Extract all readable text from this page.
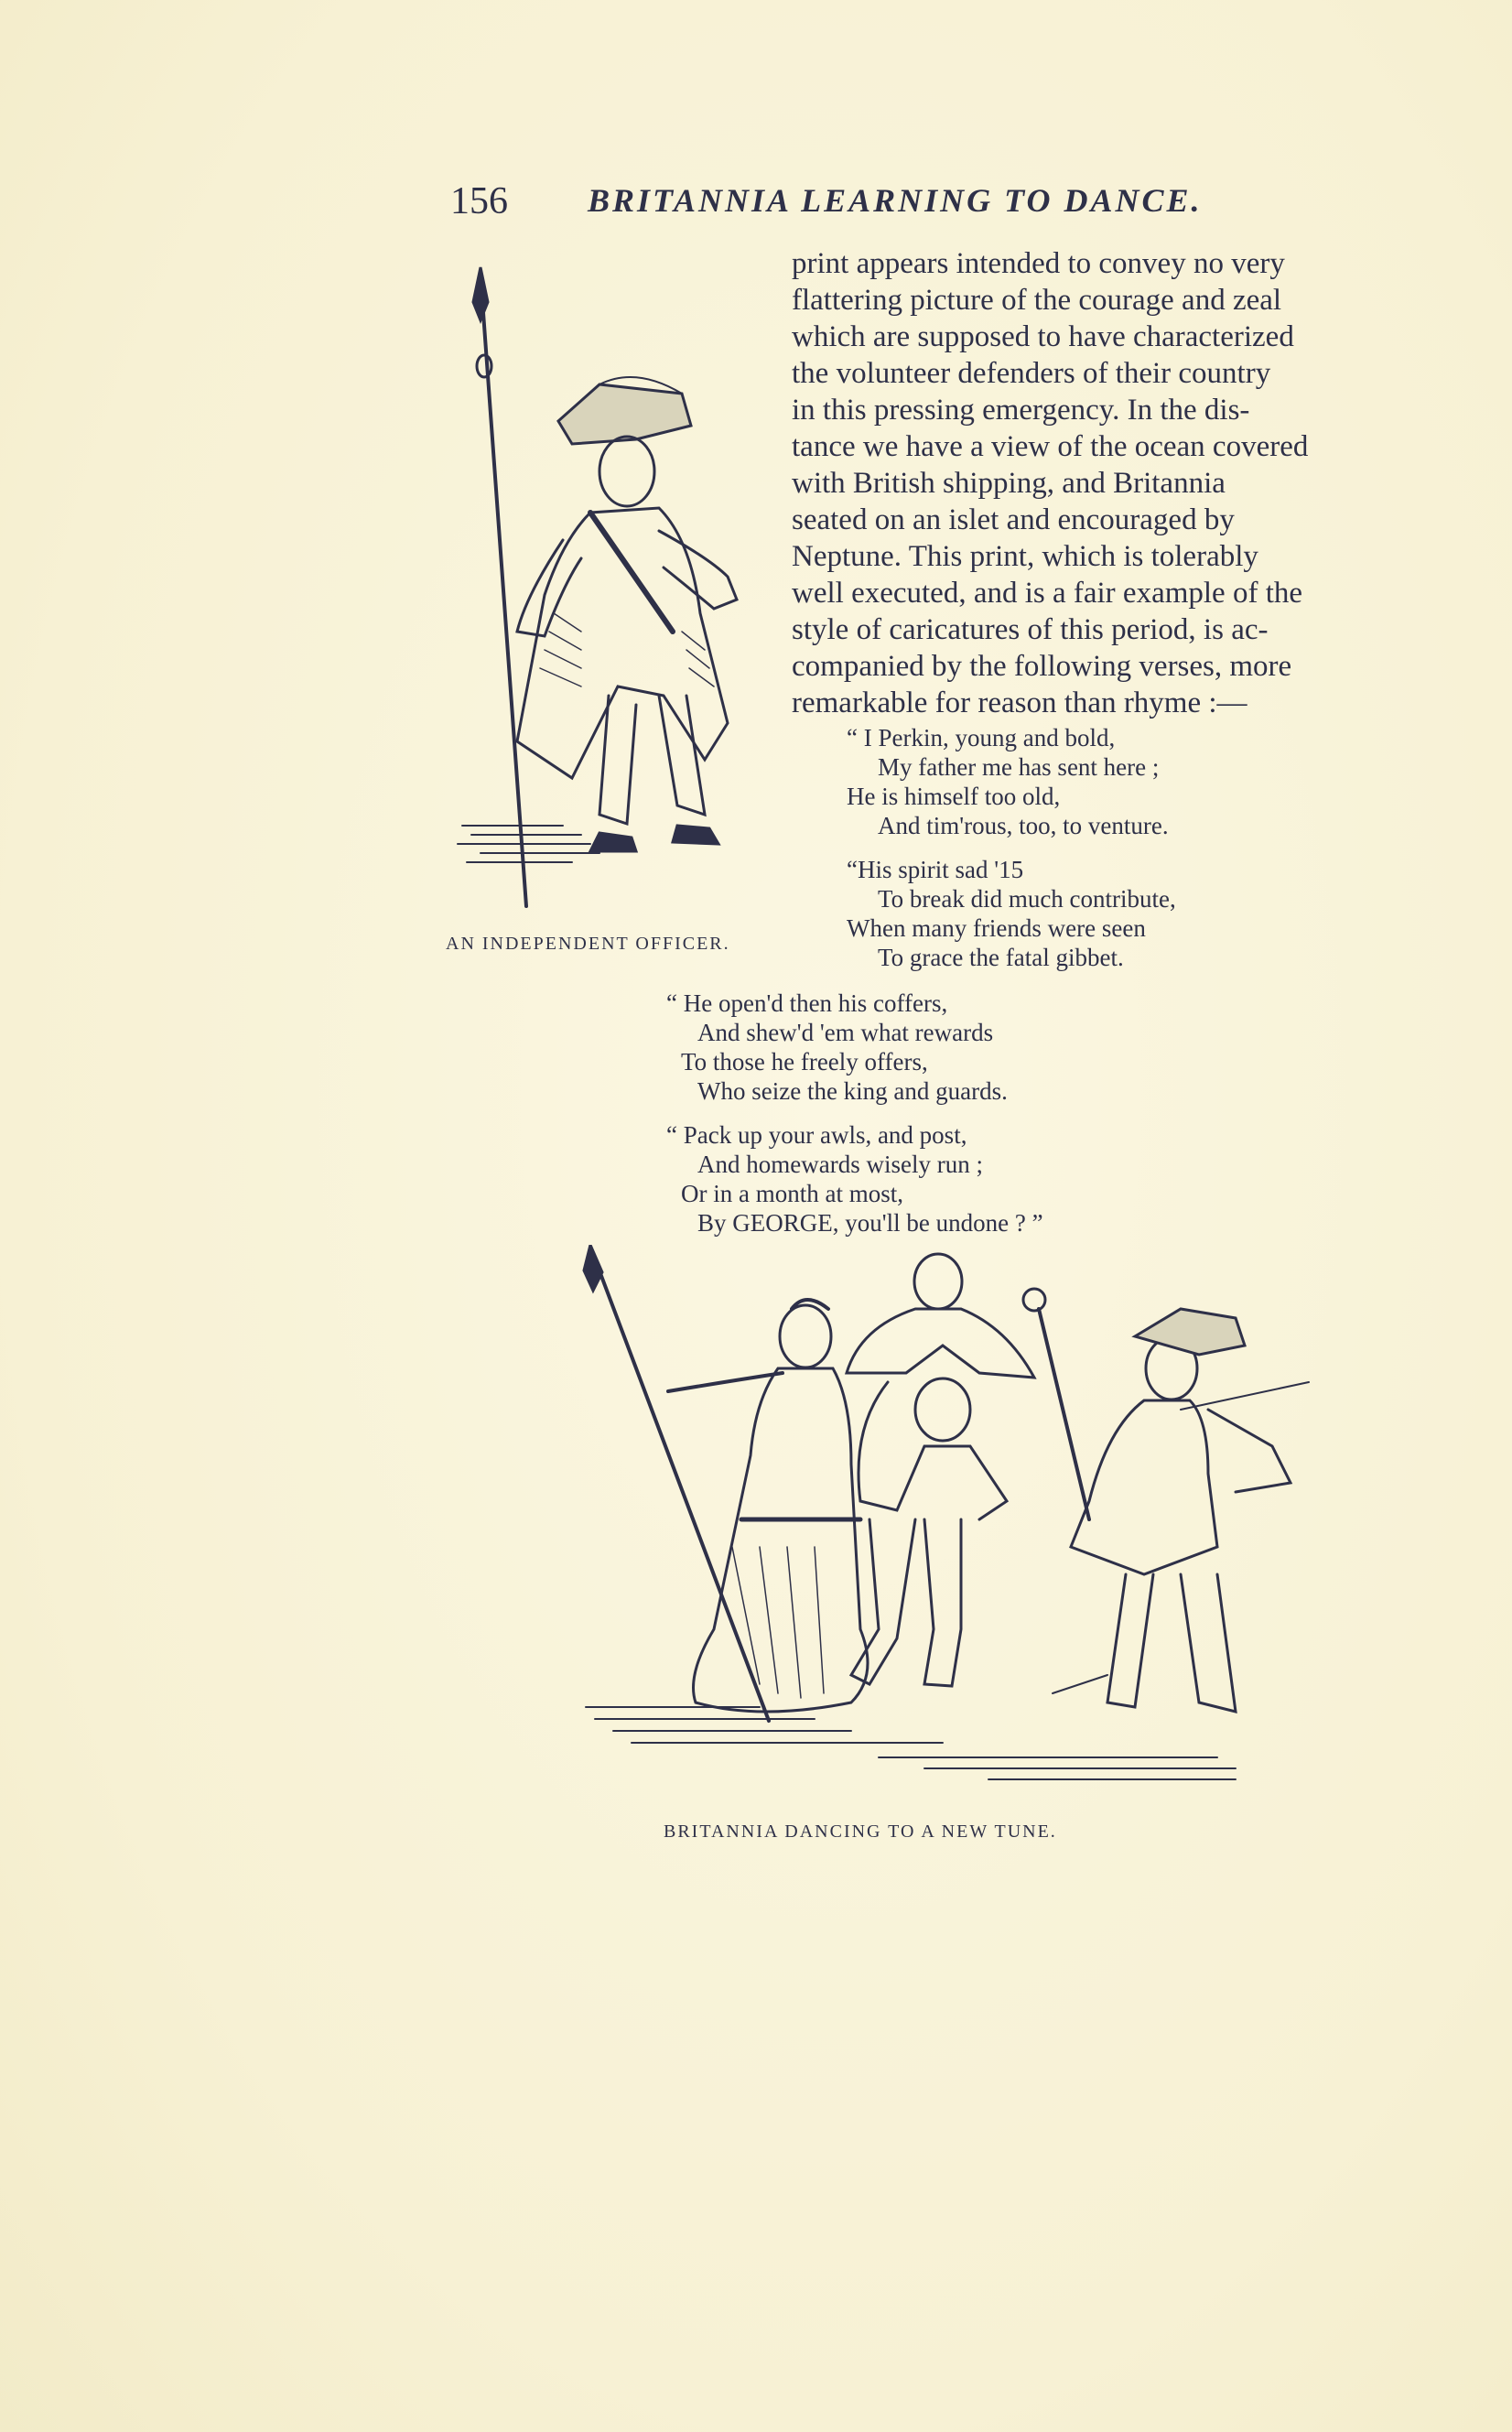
156 BRITANNIA LEARNING TO DANCE.
AN INDEPENDENT OFFICER.

print appears intended to convey no very
flattering picture of the courage and zeal
which are supposed to have characterized
the volunteer defenders of their country
in this pressing emergency. In the dis-
tance we have a view of the ocean covered
with British shipping, and Britannia
seated on an islet and encouraged by
Neptune. This print, which is tolerably
well executed, and is a fair example of the
style of caricatures of this period, is ac-
companied by the following verses, more
remarkable for reason than rhyme :—

“ I Perkin, young and bold,
My father me has sent here ;
He is himself too old,
And tim'rous, too, to venture.
“His spirit sad '15
To break did much contribute,
When many friends were seen
To grace the fatal gibbet.
“ He open'd then his coffers,
And shew'd 'em what rewards
To those he freely offers,
Who seize the king and guards.
“ Pack up your awls, and post,
And homewards wisely run ;
Or in a month at most,
By GEORGE, you'll be undone ? ”
BRITANNIA DANCING TO A NEW TUNE.
